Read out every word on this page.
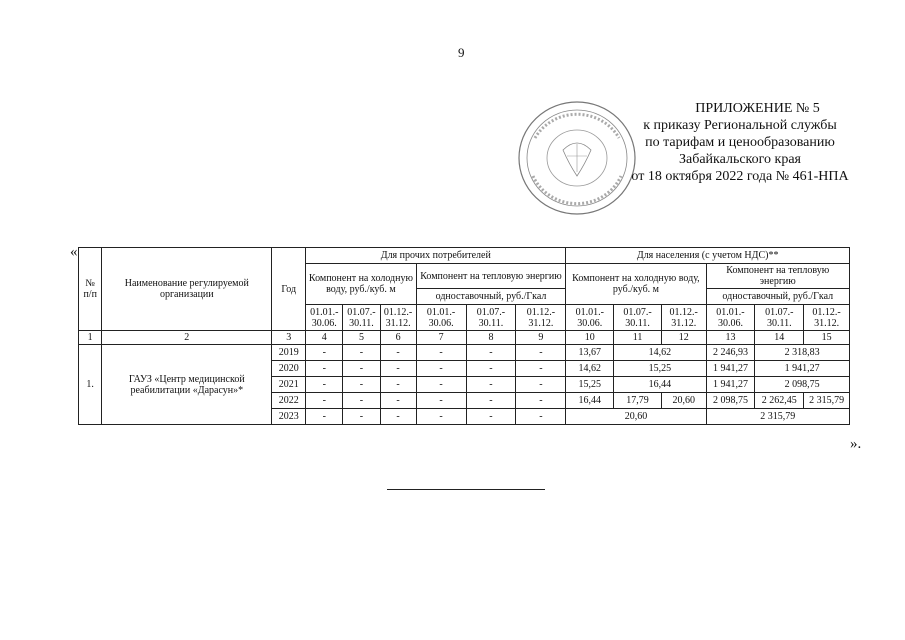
9
ПРИЛОЖЕНИЕ № 5
к приказу Региональной службы
по тарифам и ценообразованию
Забайкальского края
от 18 октября 2022 года № 461-НПА
«
№ п/п	Наименование регулируемой организации	Год	Для прочих потребителей						Для населения (с учетом НДС)**					
			Компонент на холодную воду, руб./куб. м			Компонент на тепловую энергию			Компонент на холодную воду, руб./куб. м			Компонент на тепловую энергию		
						одноставочный, руб./Гкал						одноставочный, руб./Гкал		
			01.01.- 30.06.	01.07.- 30.11.	01.12.- 31.12.	01.01.- 30.06.	01.07.- 30.11.	01.12.- 31.12.	01.01.- 30.06.	01.07.- 30.11.	01.12.- 31.12.	01.01.- 30.06.	01.07.- 30.11.	01.12.- 31.12.
1	2	3	4	5	6	7	8	9	10	11	12	13	14	15
1.	ГАУЗ «Центр медицинской реабилитации «Дарасун»*	2019	-	-	-	-	-	-	13,67	14,62		2 246,93	2 318,83	
		2020	-	-	-	-	-	-	14,62	15,25		1 941,27	1 941,27	
		2021	-	-	-	-	-	-	15,25	16,44		1 941,27	2 098,75	
		2022	-	-	-	-	-	-	16,44	17,79	20,60	2 098,75	2 262,45	2 315,79
		2023	-	-	-	-	-	-	20,60			2 315,79		
».
